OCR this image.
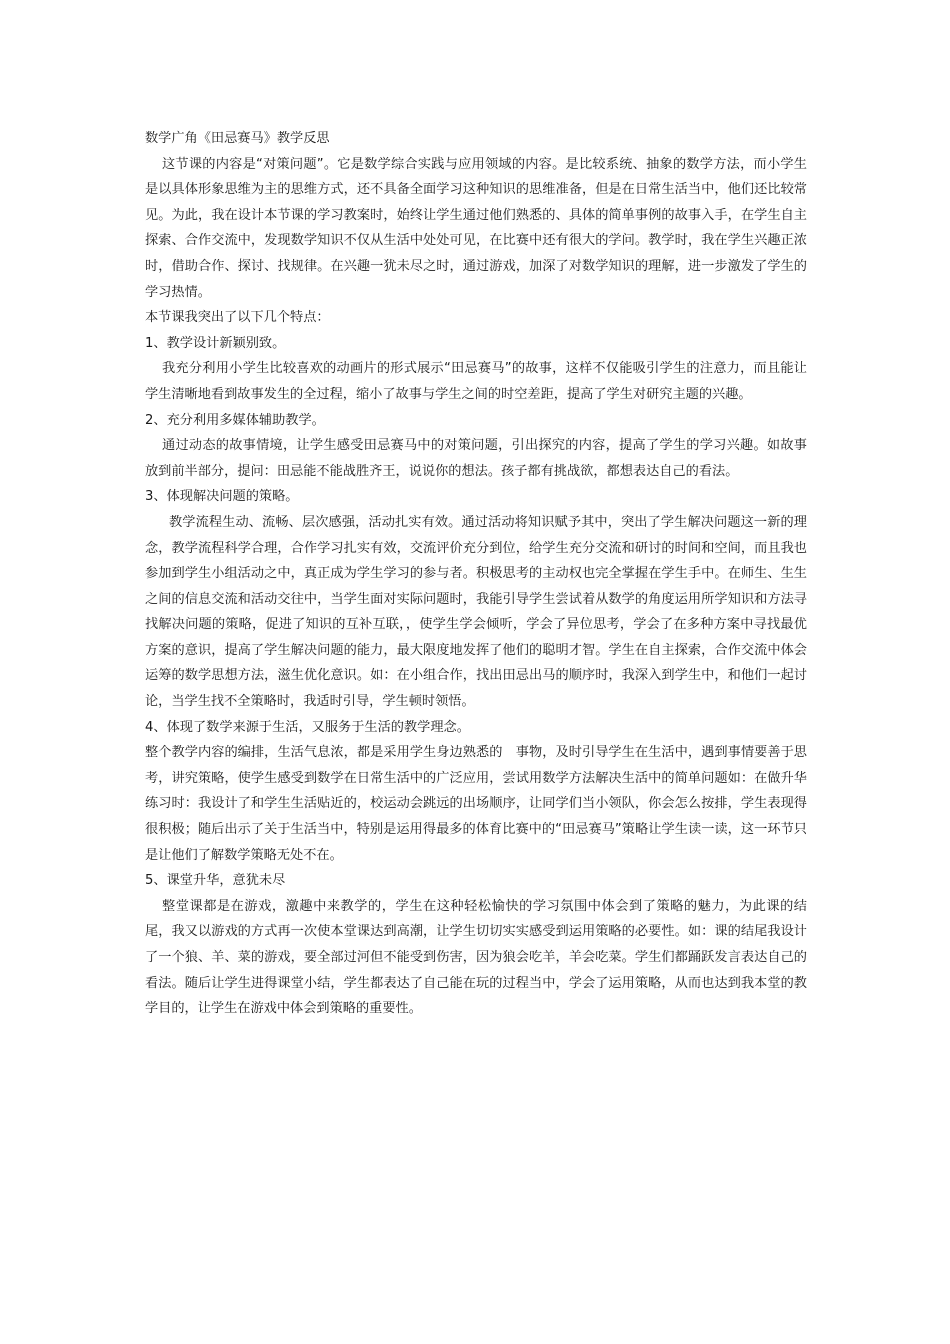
数学广角《田忌赛马》教学反思

这节课的内容是“对策问题”。它是数学综合实践与应用领域的内容。是比较系统、抽象的数学方法，而小学生是以具体形象思维为主的思维方式，还不具备全面学习这种知识的思维准备，但是在日常生活当中，他们还比较常见。为此，我在设计本节课的学习教案时，始终让学生通过他们熟悉的、具体的简单事例的故事入手，在学生自主探索、合作交流中，发现数学知识不仅从生活中处处可见，在比赛中还有很大的学问。教学时，我在学生兴趣正浓时，借助合作、探讨、找规律。在兴趣一犹未尽之时，通过游戏，加深了对数学知识的理解，进一步激发了学生的学习热情。

本节课我突出了以下几个特点：

1、教学设计新颖别致。

我充分利用小学生比较喜欢的动画片的形式展示“田忌赛马”的故事，这样不仅能吸引学生的注意力，而且能让学生清晰地看到故事发生的全过程，缩小了故事与学生之间的时空差距，提高了学生对研究主题的兴趣。

2、充分利用多媒体辅助教学。

通过动态的故事情境，让学生感受田忌赛马中的对策问题，引出探究的内容，提高了学生的学习兴趣。如故事放到前半部分，提问：田忌能不能战胜齐王，说说你的想法。孩子都有挑战欲，都想表达自己的看法。

3、体现解决问题的策略。

教学流程生动、流畅、层次感强，活动扎实有效。通过活动将知识赋予其中，突出了学生解决问题这一新的理念，教学流程科学合理，合作学习扎实有效，交流评价充分到位，给学生充分交流和研讨的时间和空间，而且我也参加到学生小组活动之中，真正成为学生学习的参与者。积极思考的主动权也完全掌握在学生手中。在师生、生生之间的信息交流和活动交往中，当学生面对实际问题时，我能引导学生尝试着从数学的角度运用所学知识和方法寻找解决问题的策略，促进了知识的互补互联，，使学生学会倾听，学会了异位思考，学会了在多种方案中寻找最优方案的意识，提高了学生解决问题的能力，最大限度地发挥了他们的聪明才智。学生在自主探索，合作交流中体会运筹的数学思想方法，滋生优化意识。如：在小组合作，找出田忌出马的顺序时，我深入到学生中，和他们一起讨论，当学生找不全策略时，我适时引导，学生顿时领悟。

4、体现了数学来源于生活，又服务于生活的教学理念。

整个教学内容的编排，生活气息浓，都是采用学生身边熟悉的　事物，及时引导学生在生活中，遇到事情要善于思考，讲究策略，使学生感受到数学在日常生活中的广泛应用，尝试用数学方法解决生活中的简单问题如：在做升华练习时：我设计了和学生生活贴近的，校运动会跳远的出场顺序，让同学们当小领队，你会怎么按排，学生表现得很积极；随后出示了关于生活当中，特别是运用得最多的体育比赛中的“田忌赛马”策略让学生读一读，这一环节只是让他们了解数学策略无处不在。

5、课堂升华，意犹未尽

整堂课都是在游戏，激趣中来教学的，学生在这种轻松愉快的学习氛围中体会到了策略的魅力，为此课的结尾，我又以游戏的方式再一次使本堂课达到高潮，让学生切切实实感受到运用策略的必要性。如：课的结尾我设计了一个狼、羊、菜的游戏，要全部过河但不能受到伤害，因为狼会吃羊，羊会吃菜。学生们都踊跃发言表达自己的看法。随后让学生进得课堂小结，学生都表达了自己能在玩的过程当中，学会了运用策略，从而也达到我本堂的教学目的，让学生在游戏中体会到策略的重要性。
